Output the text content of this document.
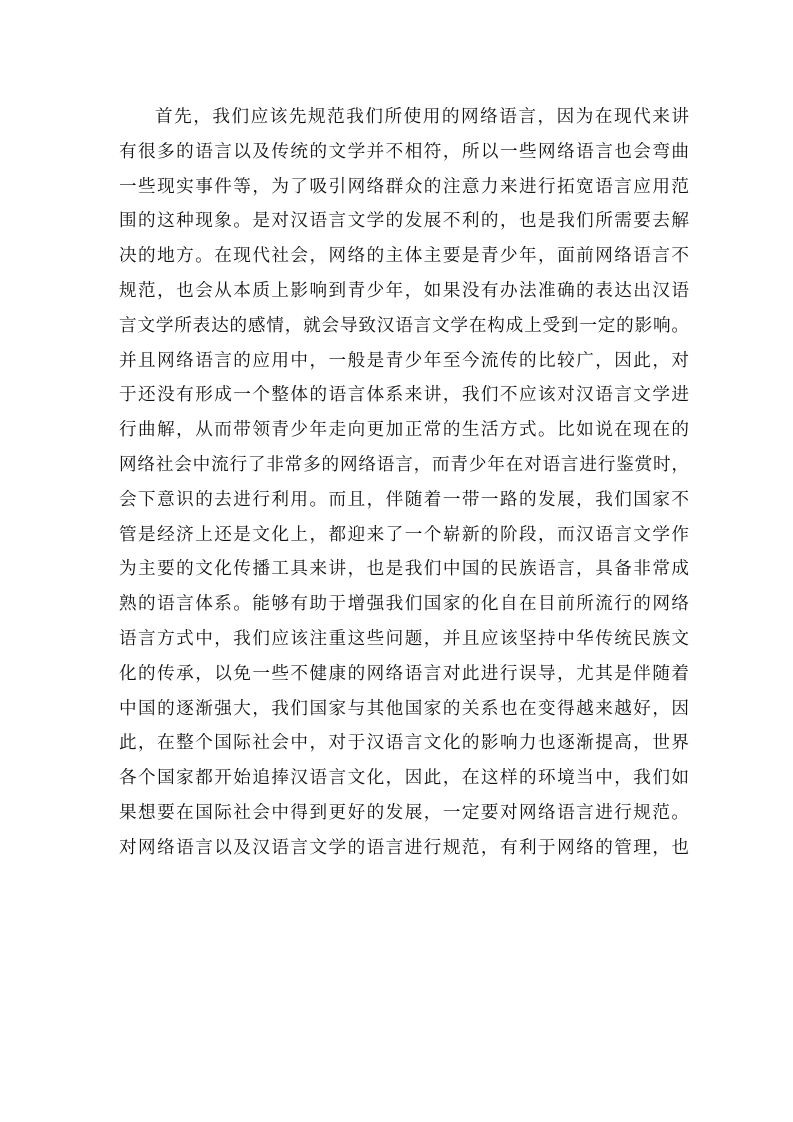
首先，我们应该先规范我们所使用的网络语言，因为在现代来讲
有很多的语言以及传统的文学并不相符，所以一些网络语言也会弯曲
一些现实事件等，为了吸引网络群众的注意力来进行拓宽语言应用范
围的这种现象。是对汉语言文学的发展不利的，也是我们所需要去解
决的地方。在现代社会，网络的主体主要是青少年，面前网络语言不
规范，也会从本质上影响到青少年，如果没有办法准确的表达出汉语
言文学所表达的感情，就会导致汉语言文学在构成上受到一定的影响。
并且网络语言的应用中，一般是青少年至今流传的比较广，因此，对
于还没有形成一个整体的语言体系来讲，我们不应该对汉语言文学进
行曲解，从而带领青少年走向更加正常的生活方式。比如说在现在的
网络社会中流行了非常多的网络语言，而青少年在对语言进行鉴赏时，
会下意识的去进行利用。而且，伴随着一带一路的发展，我们国家不
管是经济上还是文化上，都迎来了一个崭新的阶段，而汉语言文学作
为主要的文化传播工具来讲，也是我们中国的民族语言，具备非常成
熟的语言体系。能够有助于增强我们国家的化自在目前所流行的网络
语言方式中，我们应该注重这些问题，并且应该坚持中华传统民族文
化的传承，以免一些不健康的网络语言对此进行误导，尤其是伴随着
中国的逐渐强大，我们国家与其他国家的关系也在变得越来越好，因
此，在整个国际社会中，对于汉语言文化的影响力也逐渐提高，世界
各个国家都开始追捧汉语言文化，因此，在这样的环境当中，我们如
果想要在国际社会中得到更好的发展，一定要对网络语言进行规范。
对网络语言以及汉语言文学的语言进行规范，有利于网络的管理，也
